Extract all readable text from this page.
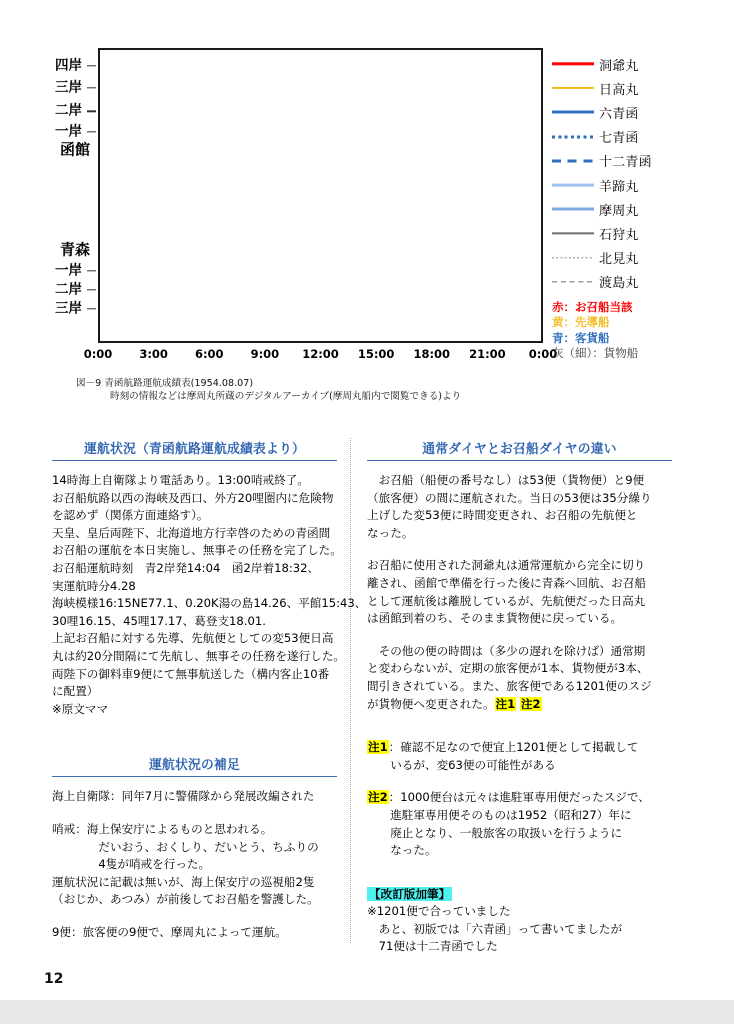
四岸
三岸
二岸
一岸
函館
青森
一岸
二岸
三岸
0:00 3:00 6:00 9:00 12:00 15:00 18:00 21:00 0:00
洞爺丸
日高丸
六青函
七青函
十二青函
羊蹄丸
摩周丸
石狩丸
北見丸
渡島丸
赤：お召船当該
黄：先導船
青：客貨船
灰（細）：貨物船
図－9 青函航路運航成績表(1954.08.07)
時刻の情報などは摩周丸所蔵のデジタルアーカイブ(摩周丸船内で閲覧できる)より
運航状況（青函航路運航成績表より）
14時海上自衛隊より電話あり。13:00哨戒終了。
お召船航路以西の海峡及西口、外方20哩圏内に危険物
を認めず（関係方面連絡す）。
天皇、皇后両陛下、北海道地方行幸啓のための青函間
お召船の運航を本日実施し、無事その任務を完了した。
お召船運航時刻　青2岸発14:04　函2岸着18:32、
実運航時分4.28
海峡模様16:15NE77.1、0.20K湯の島14.26、平館15:43、
30哩16.15、45哩17.17、葛登支18.01.
上記お召船に対する先導、先航便としての変53便日高
丸は約20分間隔にて先航し、無事その任務を遂行した。
両陛下の御料車9便にて無事航送した（構内客止10番
に配置）
※原文ママ
運航状況の補足
海上自衛隊：同年7月に警備隊から発展改編された
哨戒：海上保安庁によるものと思われる。
　　　　だいおう、おくしり、だいとう、ちふりの
　　　　4隻が哨戒を行った。
運航状況に記載は無いが、海上保安庁の巡視船2隻
（おじか、あつみ）が前後してお召船を警護した。
9便：旅客便の9便で、摩周丸によって運航。
通常ダイヤとお召船ダイヤの違い
　お召船（船便の番号なし）は53便（貨物便）と9便
（旅客便）の間に運航された。当日の53便は35分繰り
上げした変53便に時間変更され、お召船の先航便と
なった。
お召船に使用された洞爺丸は通常運航から完全に切り
離され、函館で準備を行った後に青森へ回航、お召船
として運航後は離脱しているが、先航便だった日高丸
は函館到着のち、そのまま貨物便に戻っている。
　その他の便の時間は（多少の遅れを除けば）通常期
と変わらないが、定期の旅客便が1本、貨物便が3本、
間引きされている。また、旅客便である1201便のスジ
が貨物便へ変更された。注1 注2
注1：確認不足なので便宜上1201便として掲載して
　　いるが、変63便の可能性がある
注2：1000便台は元々は進駐軍専用便だったスジで、
　　進駐軍専用便そのものは1952（昭和27）年に
　　廃止となり、一般旅客の取扱いを行うように
　　なった。
【改訂版加筆】
※1201便で合っていました
　あと、初版では「六青函」って書いてましたが
　71便は十二青函でした
12
